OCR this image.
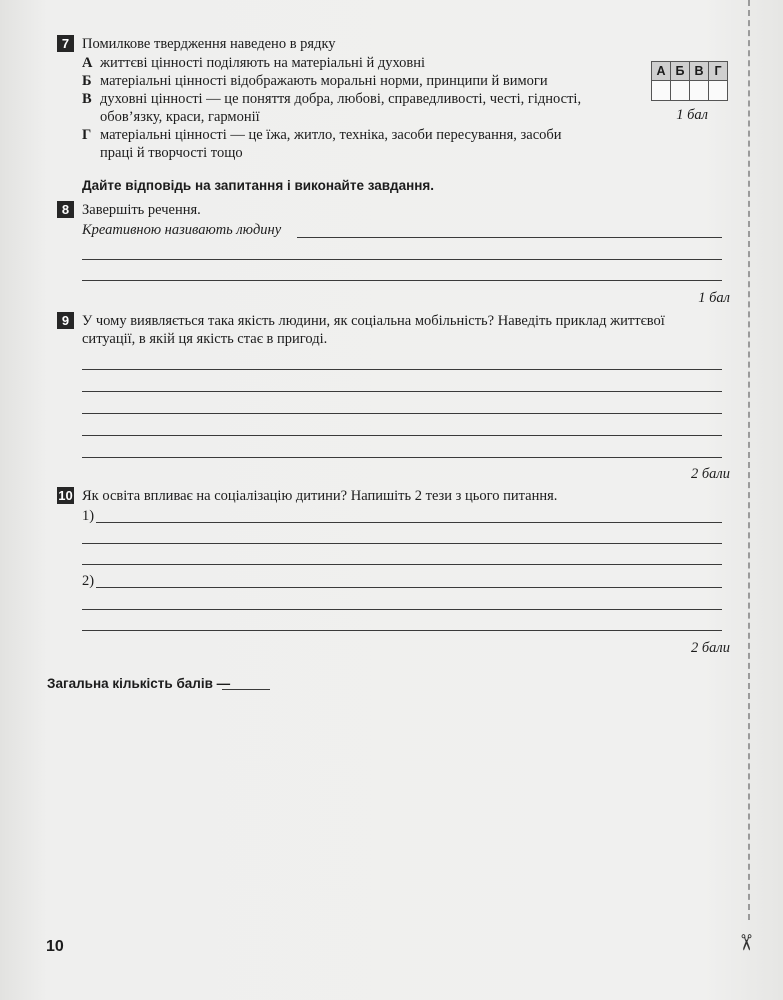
7 Помилкове твердження наведено в рядку
А життєві цінності поділяють на матеріальні й духовні
Б матеріальні цінності відображають моральні норми, принципи й вимоги
В духовні цінності — це поняття добра, любові, справедливості, честі, гідності,
обов’язку, краси, гармонії
Г матеріальні цінності — це їжа, житло, техніка, засоби пересування, засоби
праці й творчості тощо
А	Б	В	Г

1 бал
Дайте відповідь на запитання і виконайте завдання.
8 Завершіть речення.
Креативною називають людину
1 бал
9 У чому виявляється така якість людини, як соціальна мобільність? Наведіть приклад життєвої
ситуації, в якій ця якість стає в пригоді.
2 бали
10 Як освіта впливає на соціалізацію дитини? Напишіть 2 тези з цього питання.
1)
2)
2 бали
Загальна кількість балів —
10	✂
